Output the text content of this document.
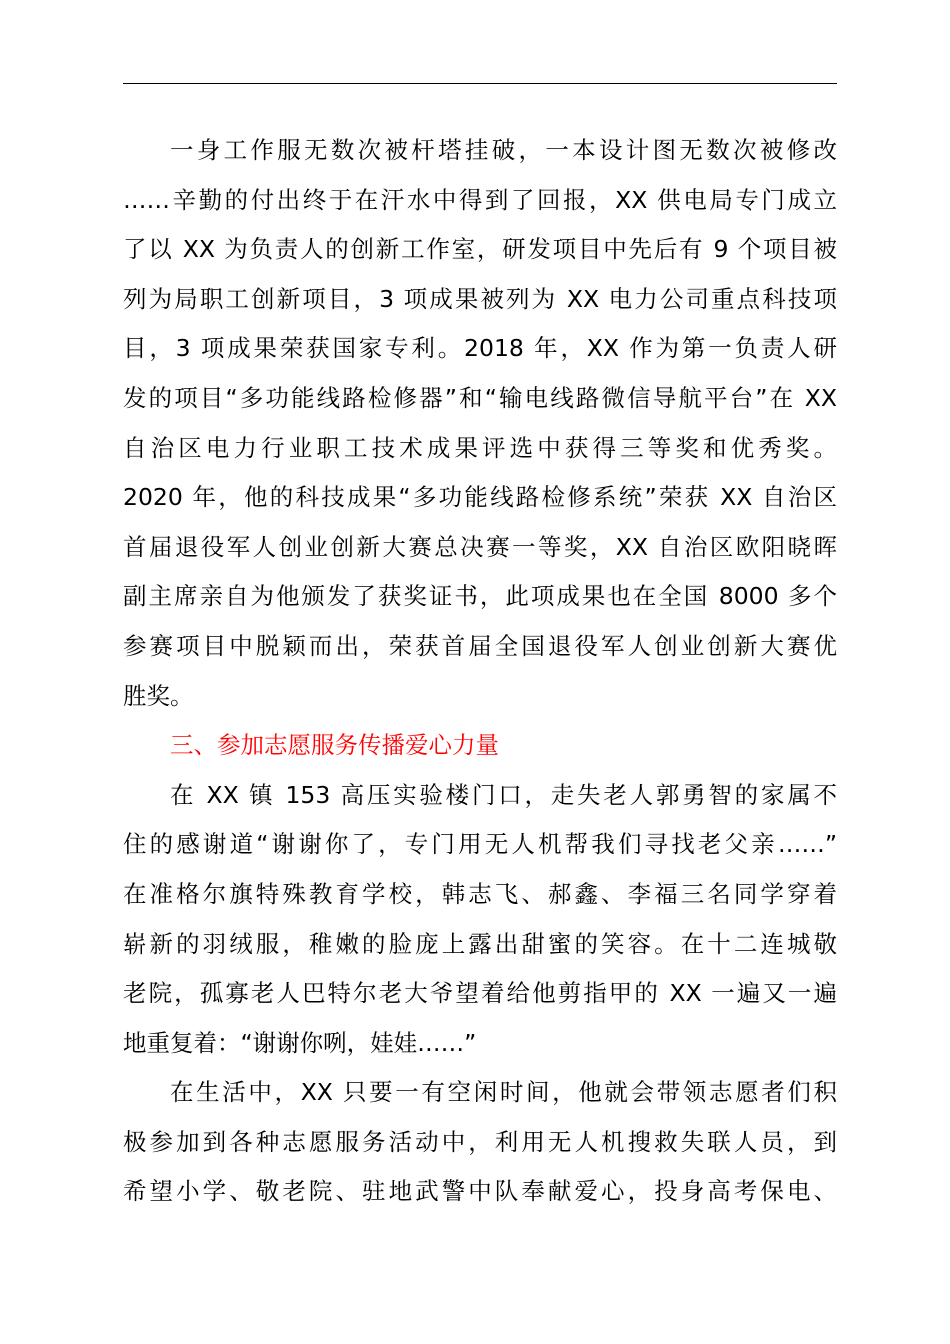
一身工作服无数次被杆塔挂破，一本设计图无数次被修改
……辛勤的付出终于在汗水中得到了回报，XX 供电局专门成立
了以 XX 为负责人的创新工作室，研发项目中先后有 9 个项目被
列为局职工创新项目，3 项成果被列为 XX 电力公司重点科技项
目，3 项成果荣获国家专利。2018 年，XX 作为第一负责人研
发的项目“多功能线路检修器”和“输电线路微信导航平台”在 XX
自治区电力行业职工技术成果评选中获得三等奖和优秀奖。
2020 年，他的科技成果“多功能线路检修系统”荣获 XX 自治区
首届退役军人创业创新大赛总决赛一等奖，XX 自治区欧阳晓晖
副主席亲自为他颁发了获奖证书，此项成果也在全国 8000 多个
参赛项目中脱颖而出，荣获首届全国退役军人创业创新大赛优
胜奖。
三、参加志愿服务传播爱心力量
在 XX 镇 153 高压实验楼门口，走失老人郭勇智的家属不
住的感谢道“谢谢你了，专门用无人机帮我们寻找老父亲……”
在准格尔旗特殊教育学校，韩志飞、郝鑫、李福三名同学穿着
崭新的羽绒服，稚嫩的脸庞上露出甜蜜的笑容。在十二连城敬
老院，孤寡老人巴特尔老大爷望着给他剪指甲的 XX 一遍又一遍
地重复着：“谢谢你咧，娃娃……”
在生活中，XX 只要一有空闲时间，他就会带领志愿者们积
极参加到各种志愿服务活动中，利用无人机搜救失联人员，到
希望小学、敬老院、驻地武警中队奉献爱心，投身高考保电、
